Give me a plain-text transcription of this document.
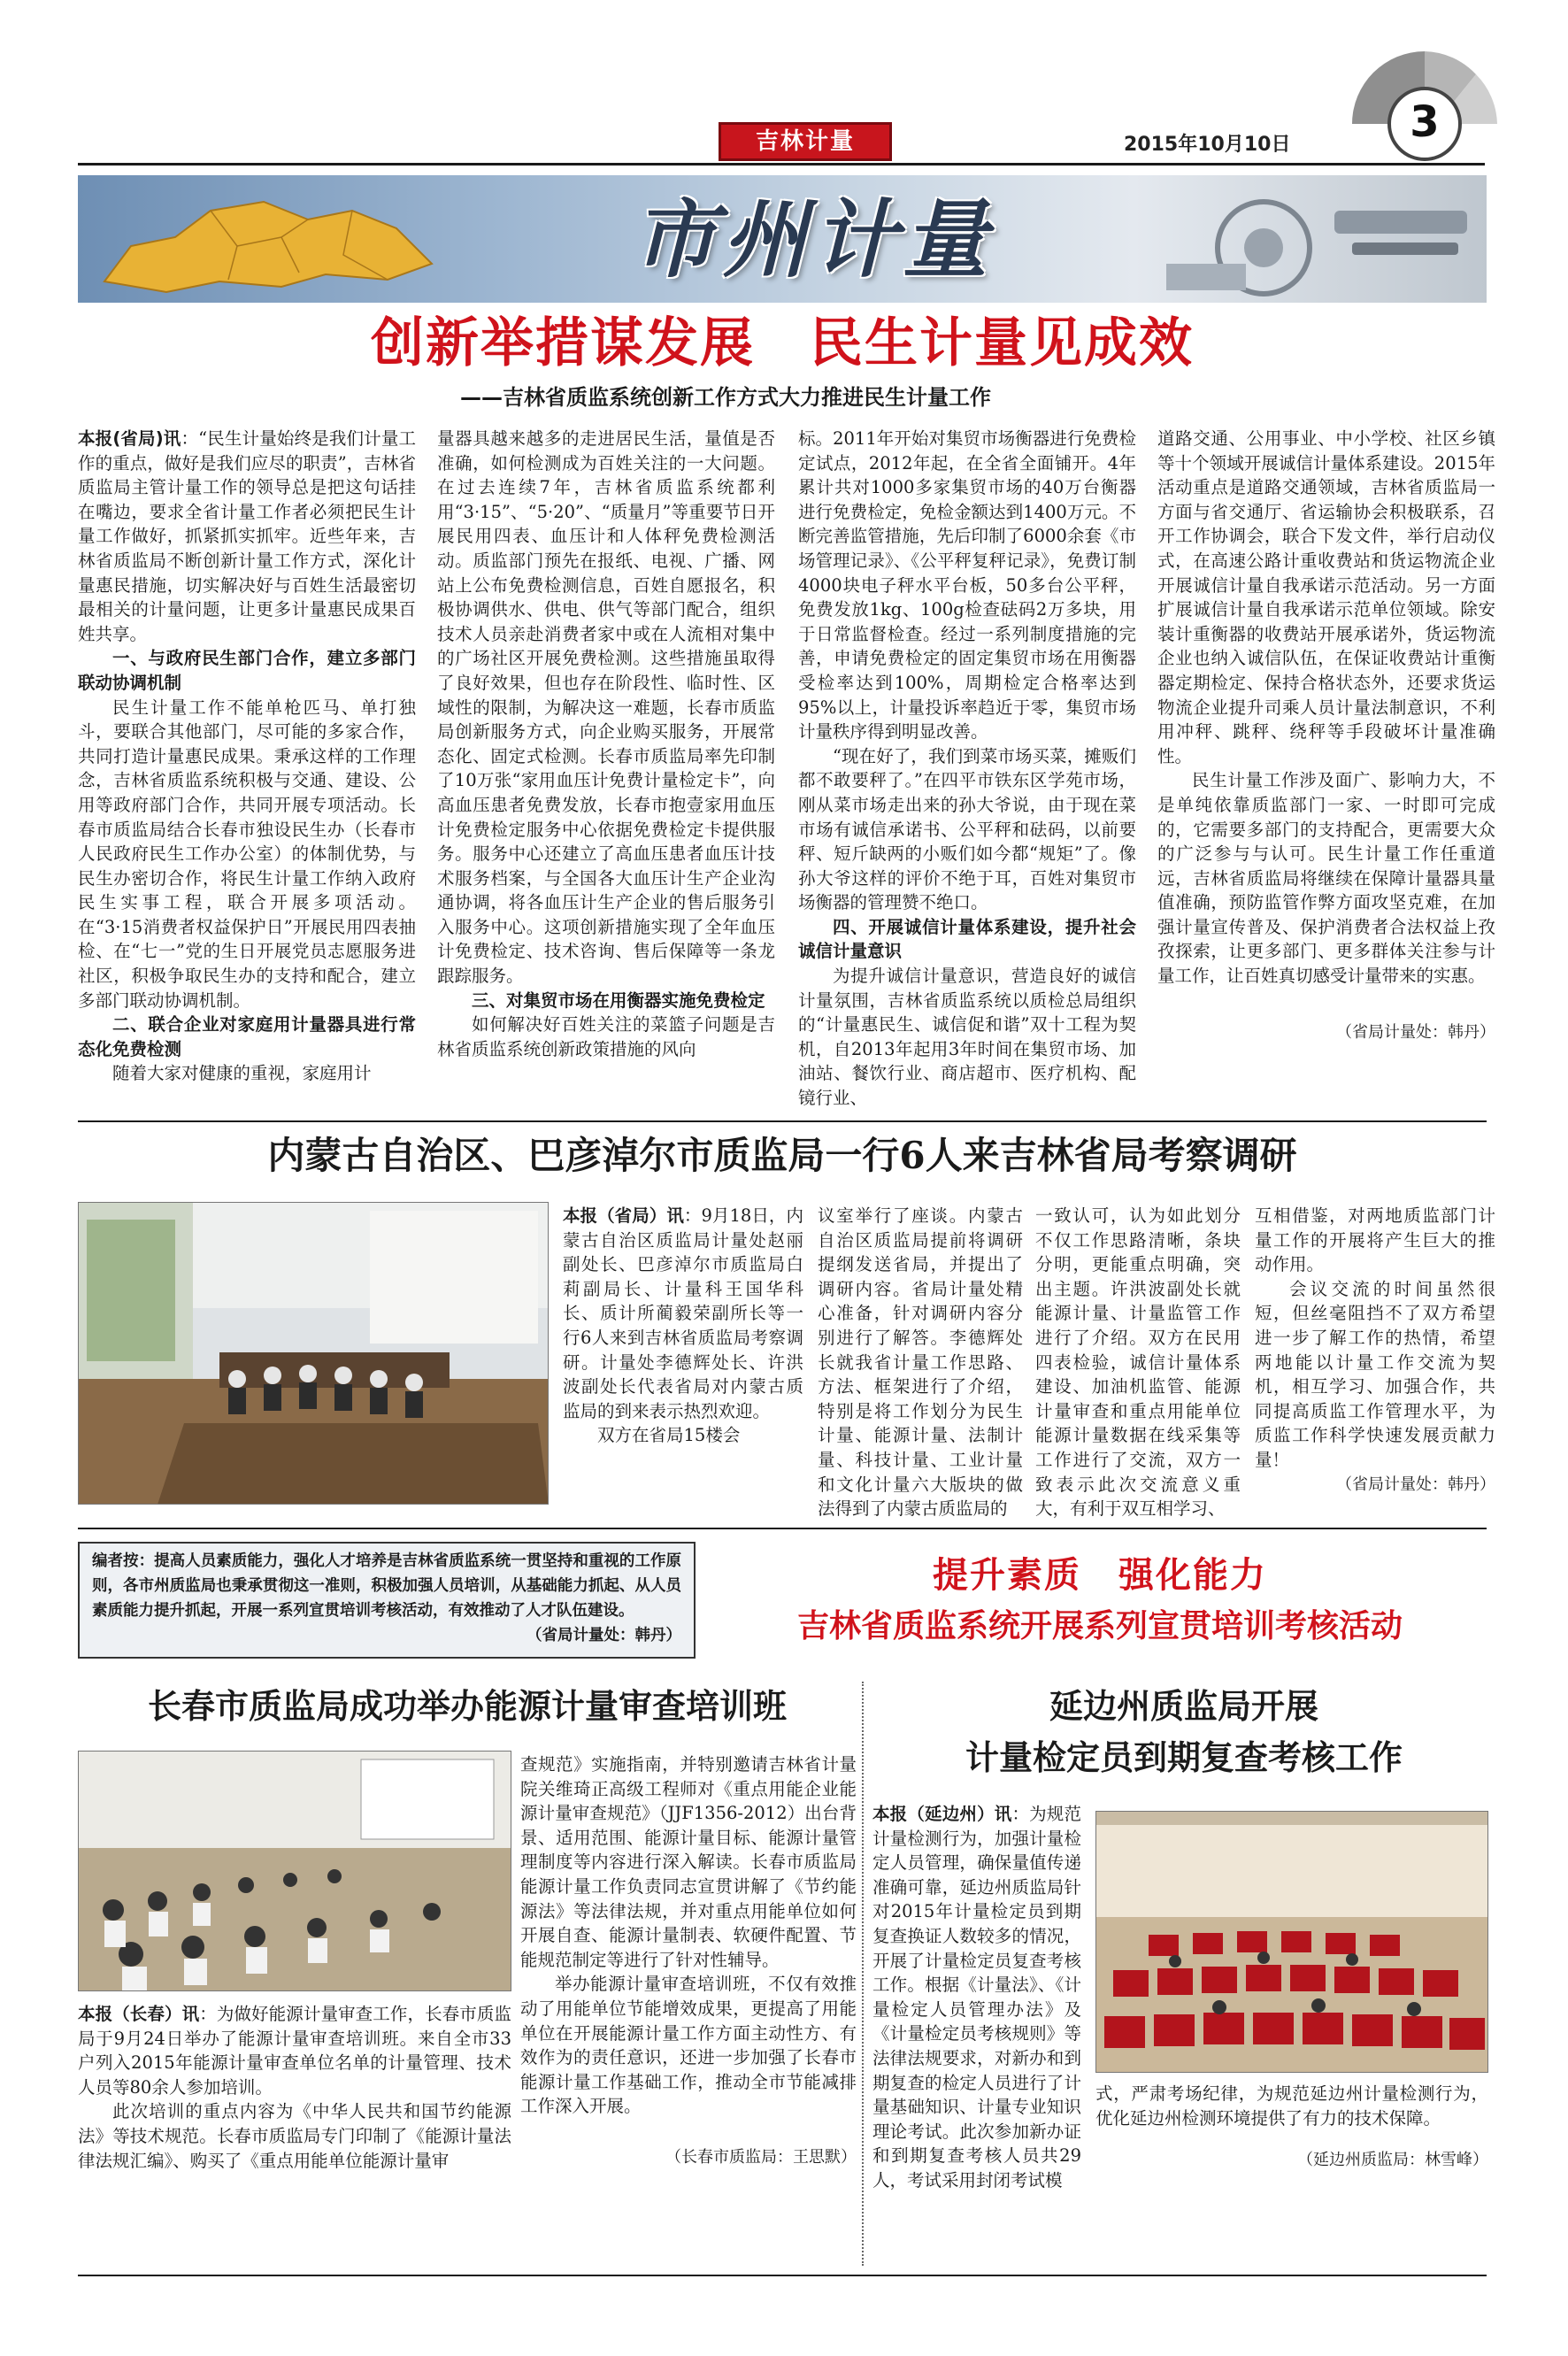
吉林计量	2015年10月10日	3
市州计量
创新举措谋发展　民生计量见成效
——吉林省质监系统创新工作方式大力推进民生计量工作

本报(省局)讯：“民生计量始终是我们计量工作的重点，做好是我们应尽的职责”，吉林省质监局主管计量工作的领导总是把这句话挂在嘴边，要求全省计量工作者必须把民生计量工作做好，抓紧抓实抓牢。近些年来，吉林省质监局不断创新计量工作方式，深化计量惠民措施，切实解决好与百姓生活最密切最相关的计量问题，让更多计量惠民成果百姓共享。

一、与政府民生部门合作，建立多部门联动协调机制

民生计量工作不能单枪匹马、单打独斗，要联合其他部门，尽可能的多家合作，共同打造计量惠民成果。秉承这样的工作理念，吉林省质监系统积极与交通、建设、公用等政府部门合作，共同开展专项活动。长春市质监局结合长春市独设民生办（长春市人民政府民生工作办公室）的体制优势，与民生办密切合作，将民生计量工作纳入政府民生实事工程，联合开展多项活动。在“3·15消费者权益保护日”开展民用四表抽检、在“七一”党的生日开展党员志愿服务进社区，积极争取民生办的支持和配合，建立多部门联动协调机制。

二、联合企业对家庭用计量器具进行常态化免费检测

随着大家对健康的重视，家庭用计

量器具越来越多的走进居民生活，量值是否准确，如何检测成为百姓关注的一大问题。在过去连续7年，吉林省质监系统都利用“3·15”、“5·20”、“质量月”等重要节日开展民用四表、血压计和人体秤免费检测活动。质监部门预先在报纸、电视、广播、网站上公布免费检测信息，百姓自愿报名，积极协调供水、供电、供气等部门配合，组织技术人员亲赴消费者家中或在人流相对集中的广场社区开展免费检测。这些措施虽取得了良好效果，但也存在阶段性、临时性、区域性的限制，为解决这一难题，长春市质监局创新服务方式，向企业购买服务，开展常态化、固定式检测。长春市质监局率先印制了10万张“家用血压计免费计量检定卡”，向高血压患者免费发放，长春市抱壹家用血压计免费检定服务中心依据免费检定卡提供服务。服务中心还建立了高血压患者血压计技术服务档案，与全国各大血压计生产企业沟通协调，将各血压计生产企业的售后服务引入服务中心。这项创新措施实现了全年血压计免费检定、技术咨询、售后保障等一条龙跟踪服务。

三、对集贸市场在用衡器实施免费检定

如何解决好百姓关注的菜篮子问题是吉林省质监系统创新政策措施的风向

标。2011年开始对集贸市场衡器进行免费检定试点，2012年起，在全省全面铺开。4年累计共对1000多家集贸市场的40万台衡器进行免费检定，免检金额达到1400万元。不断完善监管措施，先后印制了6000余套《市场管理记录》、《公平秤复秤记录》，免费订制4000块电子秤水平台板，50多台公平秤，免费发放1kg、100g检查砝码2万多块，用于日常监督检查。经过一系列制度措施的完善，申请免费检定的固定集贸市场在用衡器受检率达到100%，周期检定合格率达到95%以上，计量投诉率趋近于零，集贸市场计量秩序得到明显改善。

“现在好了，我们到菜市场买菜，摊贩们都不敢要秤了。”在四平市铁东区学苑市场，刚从菜市场走出来的孙大爷说，由于现在菜市场有诚信承诺书、公平秤和砝码，以前要秤、短斤缺两的小贩们如今都“规矩”了。像孙大爷这样的评价不绝于耳，百姓对集贸市场衡器的管理赞不绝口。

四、开展诚信计量体系建设，提升社会诚信计量意识

为提升诚信计量意识，营造良好的诚信计量氛围，吉林省质监系统以质检总局组织的“计量惠民生、诚信促和谐”双十工程为契机，自2013年起用3年时间在集贸市场、加油站、餐饮行业、商店超市、医疗机构、配镜行业、

道路交通、公用事业、中小学校、社区乡镇等十个领域开展诚信计量体系建设。2015年活动重点是道路交通领域，吉林省质监局一方面与省交通厅、省运输协会积极联系，召开工作协调会，联合下发文件，举行启动仪式，在高速公路计重收费站和货运物流企业开展诚信计量自我承诺示范活动。另一方面扩展诚信计量自我承诺示范单位领域。除安装计重衡器的收费站开展承诺外，货运物流企业也纳入诚信队伍，在保证收费站计重衡器定期检定、保持合格状态外，还要求货运物流企业提升司乘人员计量法制意识，不利用冲秤、跳秤、绕秤等手段破坏计量准确性。

民生计量工作涉及面广、影响力大，不是单纯依靠质监部门一家、一时即可完成的，它需要多部门的支持配合，更需要大众的广泛参与与认可。民生计量工作任重道远，吉林省质监局将继续在保障计量器具量值准确，预防监管作弊方面攻坚克难，在加强计量宣传普及、保护消费者合法权益上孜孜探索，让更多部门、更多群体关注参与计量工作，让百姓真切感受计量带来的实惠。

（省局计量处：韩丹）

内蒙古自治区、巴彦淖尔市质监局一行6人来吉林省局考察调研

本报（省局）讯：9月18日，内蒙古自治区质监局计量处赵丽副处长、巴彦淖尔市质监局白莉副局长、计量科王国华科长、质计所蔺毅荣副所长等一行6人来到吉林省质监局考察调研。计量处李德辉处长、许洪波副处长代表省局对内蒙古质监局的到来表示热烈欢迎。

双方在省局15楼会

议室举行了座谈。内蒙古自治区质监局提前将调研提纲发送省局，并提出了调研内容。省局计量处精心准备，针对调研内容分别进行了解答。李德辉处长就我省计量工作思路、方法、框架进行了介绍，特别是将工作划分为民生计量、能源计量、法制计量、科技计量、工业计量和文化计量六大版块的做法得到了内蒙古质监局的

一致认可，认为如此划分不仅工作思路清晰，条块分明，更能重点明确，突出主题。许洪波副处长就能源计量、计量监管工作进行了介绍。双方在民用四表检验，诚信计量体系建设、加油机监管、能源计量审查和重点用能单位能源计量数据在线采集等工作进行了交流，双方一致表示此次交流意义重大，有利于双互相学习、

互相借鉴，对两地质监部门计量工作的开展将产生巨大的推动作用。

会议交流的时间虽然很短，但丝毫阻挡不了双方希望进一步了解工作的热情，希望两地能以计量工作交流为契机，相互学习、加强合作，共同提高质监工作管理水平，为质监工作科学快速发展贡献力量！

（省局计量处：韩丹）

编者按：提高人员素质能力，强化人才培养是吉林省质监系统一贯坚持和重视的工作原则，各市州质监局也秉承贯彻这一准则，积极加强人员培训，从基础能力抓起、从人员素质能力提升抓起，开展一系列宣贯培训考核活动，有效推动了人才队伍建设。
（省局计量处：韩丹）
提升素质　强化能力
吉林省质监系统开展系列宣贯培训考核活动
长春市质监局成功举办能源计量审查培训班

查规范》实施指南，并特别邀请吉林省计量院关维琦正高级工程师对《重点用能企业能源计量审查规范》（JJF1356-2012）出台背景、适用范围、能源计量目标、能源计量管理制度等内容进行深入解读。长春市质监局能源计量工作负责同志宣贯讲解了《节约能源法》等法律法规，并对重点用能单位如何开展自查、能源计量制表、软硬件配置、节能规范制定等进行了针对性辅导。

举办能源计量审查培训班，不仅有效推动了用能单位节能增效成果，更提高了用能单位在开展能源计量工作方面主动性方、有效作为的责任意识，还进一步加强了长春市能源计量工作基础工作，推动全市节能减排工作深入开展。

（长春市质监局：王思默）

本报（长春）讯：为做好能源计量审查工作，长春市质监局于9月24日举办了能源计量审查培训班。来自全市33户列入2015年能源计量审查单位名单的计量管理、技术人员等80余人参加培训。

此次培训的重点内容为《中华人民共和国节约能源法》等技术规范。长春市质监局专门印制了《能源计量法律法规汇编》、购买了《重点用能单位能源计量审

延边州质监局开展
计量检定员到期复查考核工作

本报（延边州）讯：为规范计量检测行为，加强计量检定人员管理，确保量值传递准确可靠，延边州质监局针对2015年计量检定员到期复查换证人数较多的情况，开展了计量检定员复查考核工作。根据《计量法》、《计量检定人员管理办法》及《计量检定员考核规则》等法律法规要求，对新办和到期复查的检定人员进行了计量基础知识、计量专业知识理论考试。此次参加新办证和到期复查考核人员共29人，考试采用封闭考试模

式，严肃考场纪律，为规范延边州计量检测行为，优化延边州检测环境提供了有力的技术保障。

（延边州质监局：林雪峰）
